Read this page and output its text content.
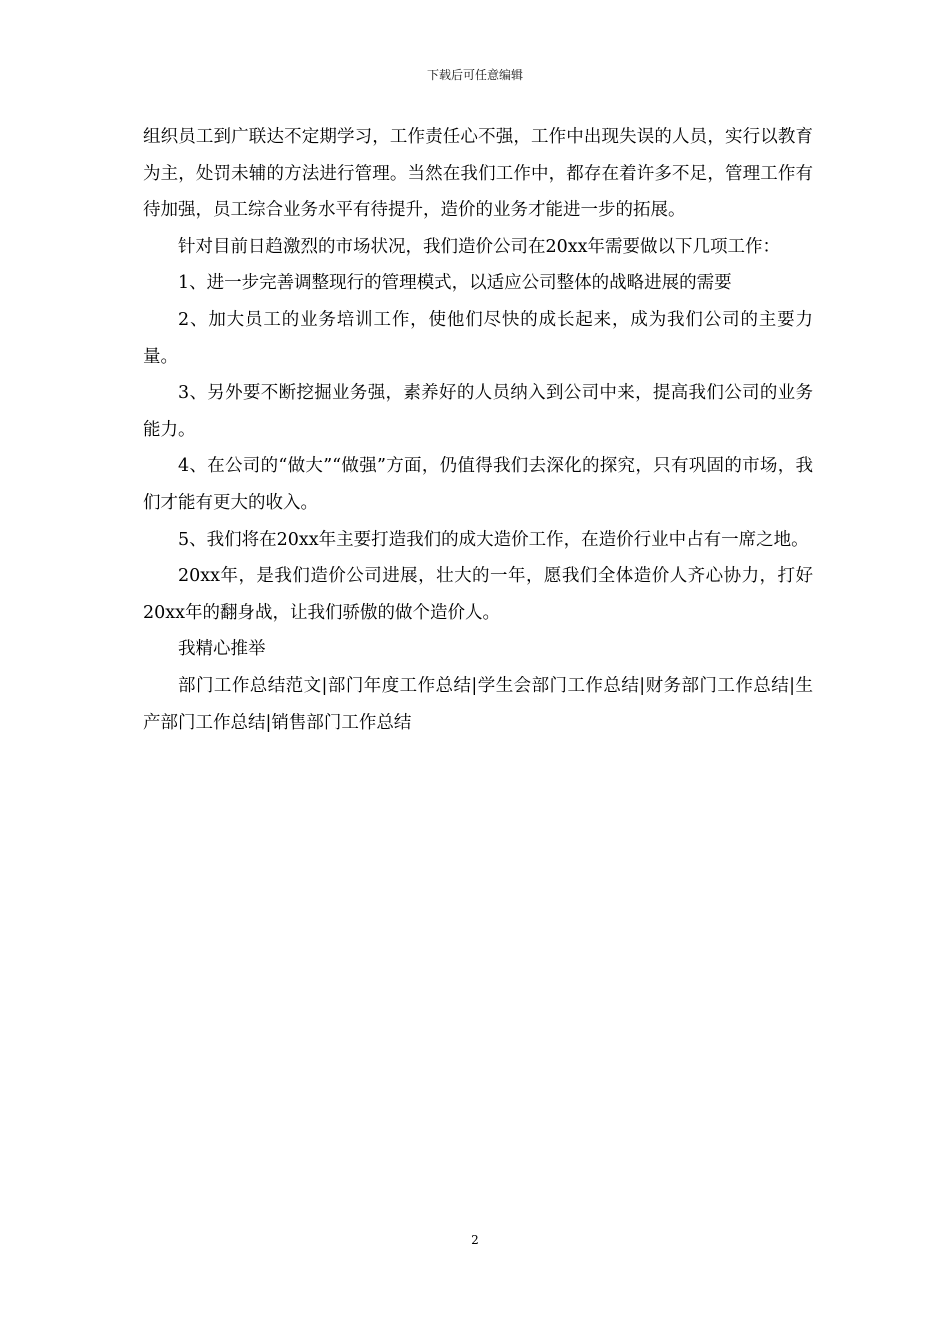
下载后可任意编辑

组织员工到广联达不定期学习，工作责任心不强，工作中出现失误的人员，实行以教育为主，处罚未辅的方法进行管理。当然在我们工作中，都存在着许多不足，管理工作有待加强，员工综合业务水平有待提升，造价的业务才能进一步的拓展。

针对目前日趋激烈的市场状况，我们造价公司在20xx年需要做以下几项工作：

1、进一步完善调整现行的管理模式，以适应公司整体的战略进展的需要

2、加大员工的业务培训工作，使他们尽快的成长起来，成为我们公司的主要力量。

3、另外要不断挖掘业务强，素养好的人员纳入到公司中来，提高我们公司的业务能力。

4、在公司的“做大”“做强”方面，仍值得我们去深化的探究，只有巩固的市场，我们才能有更大的收入。

5、我们将在20xx年主要打造我们的成大造价工作，在造价行业中占有一席之地。

20xx年，是我们造价公司进展，壮大的一年，愿我们全体造价人齐心协力，打好20xx年的翻身战，让我们骄傲的做个造价人。

我精心推举

部门工作总结范文|部门年度工作总结|学生会部门工作总结|财务部门工作总结|生产部门工作总结|销售部门工作总结

2
